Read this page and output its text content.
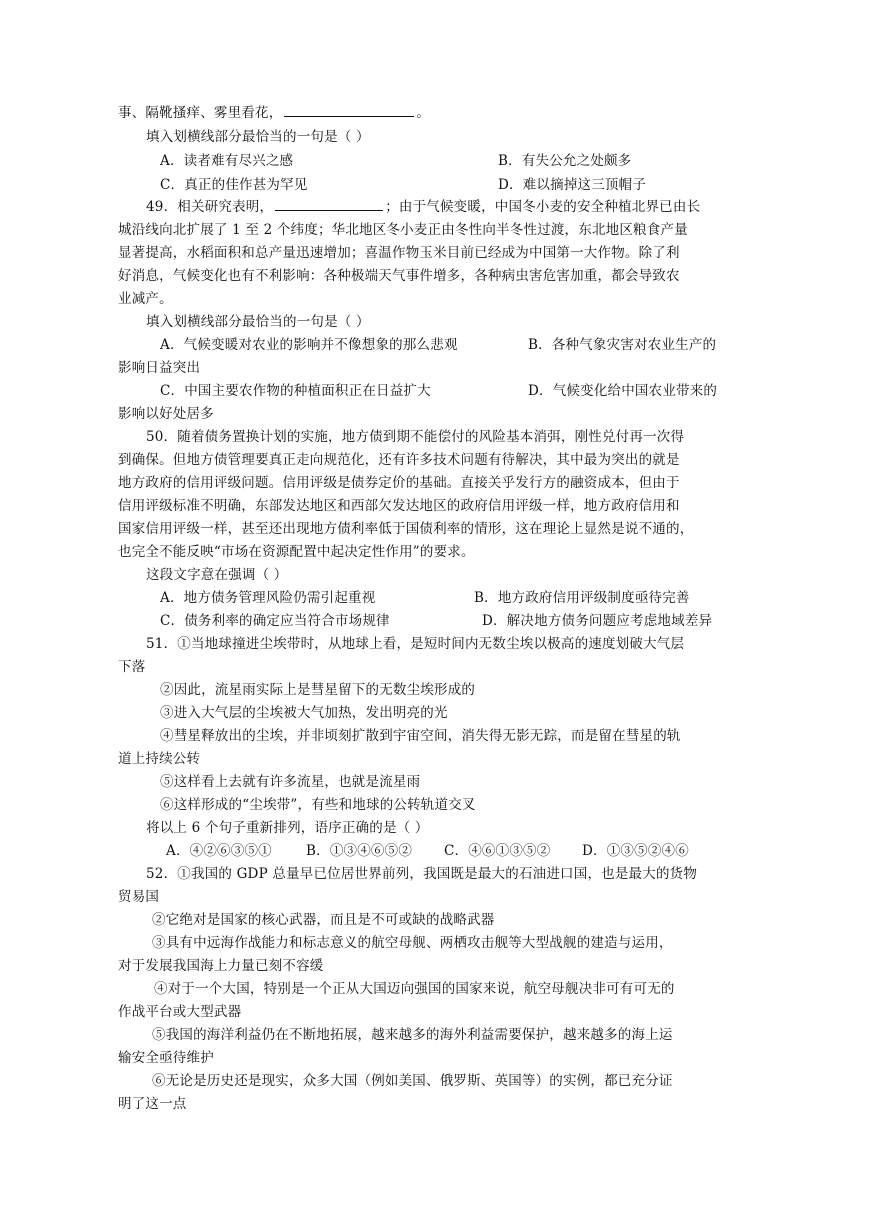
事、隔靴搔痒、雾里看花，	。
填入划横线部分最恰当的一句是（ ）
A．读者难有尽兴之感	B．有失公允之处颇多
C．真正的佳作甚为罕见	D．难以摘掉这三顶帽子
49．相关研究表明，	；由于气候变暖，中国冬小麦的安全种植北界已由长
城沿线向北扩展了 1 至 2 个纬度；华北地区冬小麦正由冬性向半冬性过渡，东北地区粮食产量
显著提高，水稻面积和总产量迅速增加；喜温作物玉米目前已经成为中国第一大作物。除了利
好消息，气候变化也有不利影响：各种极端天气事件增多，各种病虫害危害加重，都会导致农
业减产。
填入划横线部分最恰当的一句是（ ）
A．气候变暖对农业的影响并不像想象的那么悲观	B．各种气象灾害对农业生产的
影响日益突出
C．中国主要农作物的种植面积正在日益扩大	D．气候变化给中国农业带来的
影响以好处居多
50．随着债务置换计划的实施，地方债到期不能偿付的风险基本消弭，刚性兑付再一次得
到确保。但地方债管理要真正走向规范化，还有许多技术问题有待解决，其中最为突出的就是
地方政府的信用评级问题。信用评级是债券定价的基础。直接关乎发行方的融资成本，但由于
信用评级标准不明确，东部发达地区和西部欠发达地区的政府信用评级一样，地方政府信用和
国家信用评级一样，甚至还出现地方债利率低于国债利率的情形，这在理论上显然是说不通的，
也完全不能反映“市场在资源配置中起决定性作用”的要求。
这段文字意在强调（ ）
A．地方债务管理风险仍需引起重视	B．地方政府信用评级制度亟待完善
C．债务利率的确定应当符合市场规律	D．解决地方债务问题应考虑地域差异
51．①当地球撞进尘埃带时，从地球上看，是短时间内无数尘埃以极高的速度划破大气层
下落
②因此，流星雨实际上是彗星留下的无数尘埃形成的
③进入大气层的尘埃被大气加热，发出明亮的光
④彗星释放出的尘埃，并非顷刻扩散到宇宙空间，消失得无影无踪，而是留在彗星的轨
道上持续公转
⑤这样看上去就有许多流星，也就是流星雨
⑥这样形成的“尘埃带”，有些和地球的公转轨道交叉
将以上 6 个句子重新排列，语序正确的是（ ）
A．④②⑥③⑤①	B．①③④⑥⑤② C．④⑥①③⑤② D．①③⑤②④⑥
52．①我国的 GDP 总量早已位居世界前列，我国既是最大的石油进口国，也是最大的货物
贸易国
②它绝对是国家的核心武器，而且是不可或缺的战略武器
③具有中远海作战能力和标志意义的航空母舰、两栖攻击舰等大型战舰的建造与运用，
对于发展我国海上力量已刻不容缓
④对于一个大国，特别是一个正从大国迈向强国的国家来说，航空母舰决非可有可无的
作战平台或大型武器
⑤我国的海洋利益仍在不断地拓展，越来越多的海外利益需要保护，越来越多的海上运
输安全亟待维护
⑥无论是历史还是现实，众多大国（例如美国、俄罗斯、英国等）的实例，都已充分证
明了这一点
